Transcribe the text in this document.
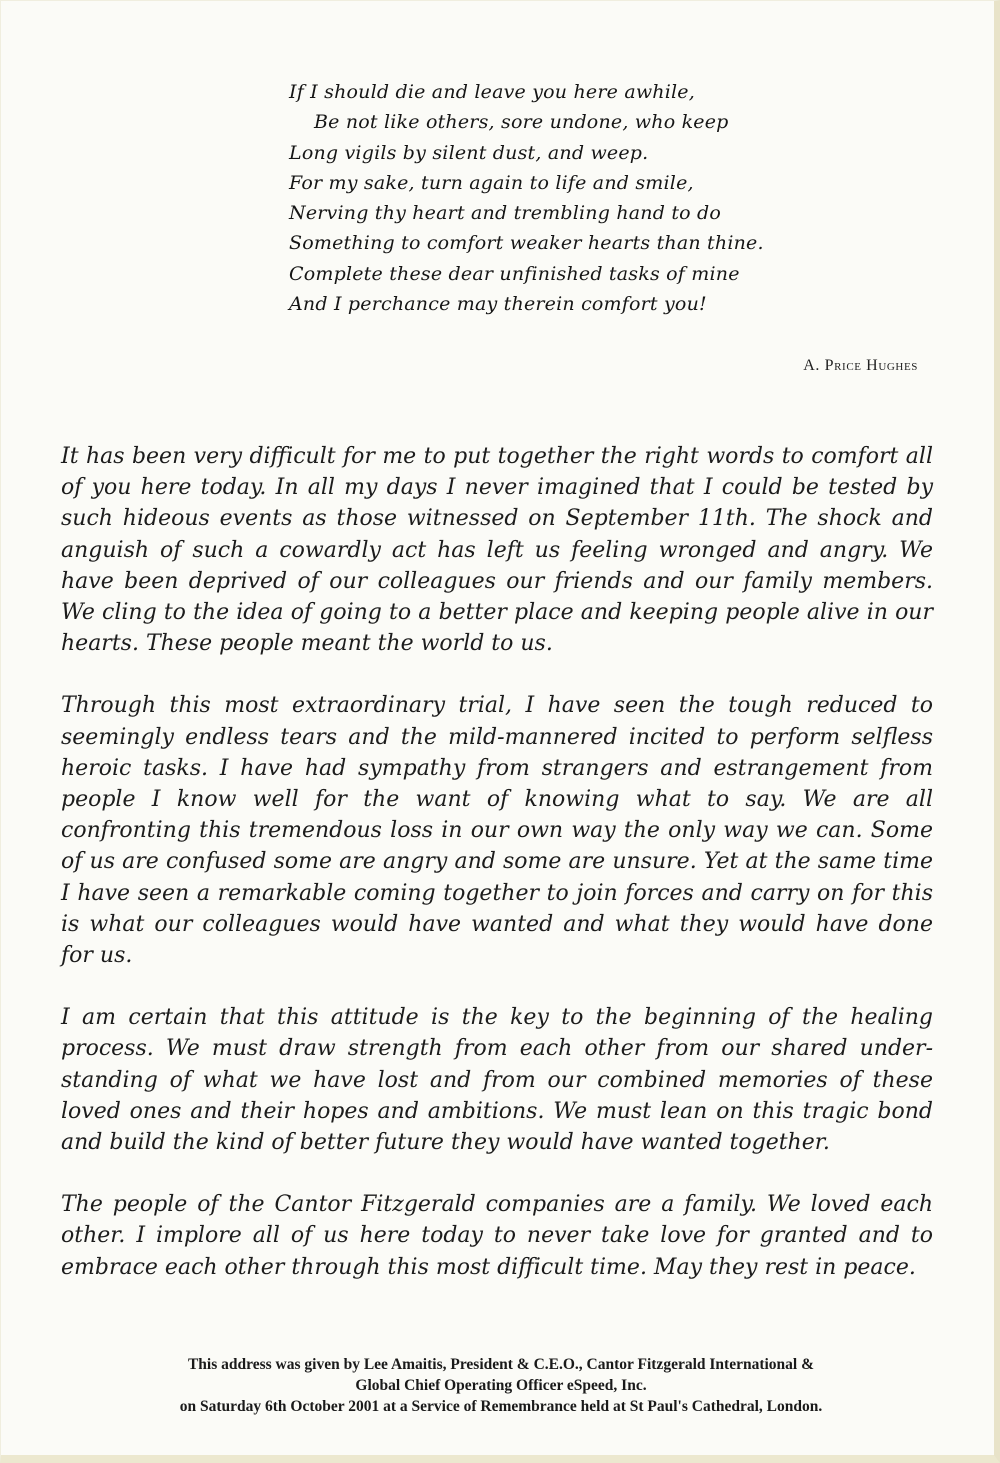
If I should die and leave you here awhile,
Be not like others, sore undone, who keep
Long vigils by silent dust, and weep.
For my sake, turn again to life and smile,
Nerving thy heart and trembling hand to do
Something to comfort weaker hearts than thine.
Complete these dear unfinished tasks of mine
And I perchance may therein comfort you!
A. Price Hughes

It has been very difficult for me to put together the right words to comfort all of you here today. In all my days I never imagined that I could be tested by such hideous events as those witnessed on September 11th. The shock and anguish of such a cowardly act has left us feeling wronged and angry. We have been deprived of our colleagues our friends and our family members. We cling to the idea of going to a better place and keeping people alive in our hearts. These people meant the world to us.

Through this most extraordinary trial, I have seen the tough reduced to seemingly endless tears and the mild-mannered incited to perform selfless heroic tasks. I have had sympathy from strangers and estrangement from people I know well for the want of knowing what to say. We are all confronting this tremendous loss in our own way the only way we can. Some of us are confused some are angry and some are unsure. Yet at the same time I have seen a remarkable coming together to join forces and carry on for this is what our colleagues would have wanted and what they would have done for us.

I am certain that this attitude is the key to the beginning of the healing process. We must draw strength from each other from our shared under-standing of what we have lost and from our combined memories of these loved ones and their hopes and ambitions. We must lean on this tragic bond and build the kind of better future they would have wanted together.

The people of the Cantor Fitzgerald companies are a family. We loved each other. I implore all of us here today to never take love for granted and to embrace each other through this most difficult time. May they rest in peace.

This address was given by Lee Amaitis, President & C.E.O., Cantor Fitzgerald International &
Global Chief Operating Officer eSpeed, Inc.
on Saturday 6th October 2001 at a Service of Remembrance held at St Paul's Cathedral, London.
